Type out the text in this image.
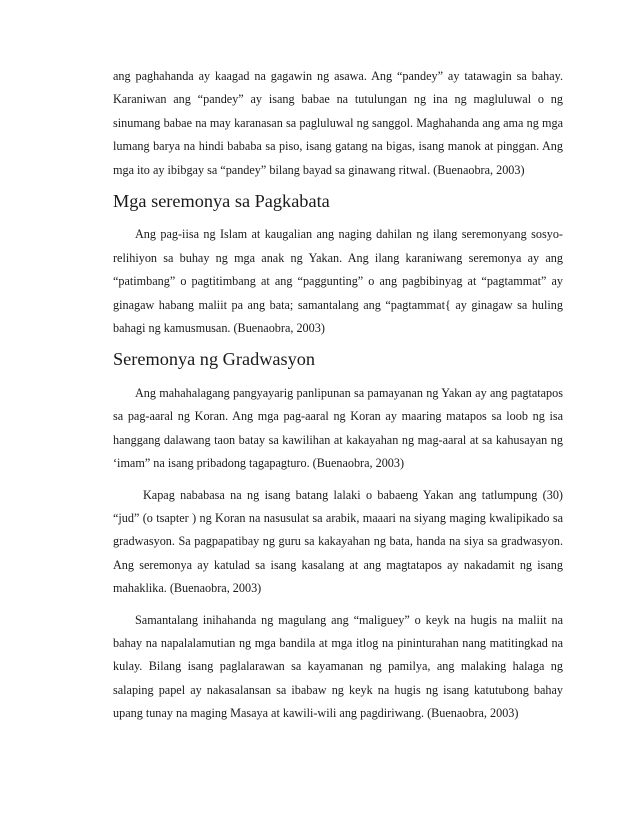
ang paghahanda ay kaagad na gagawin ng asawa. Ang “pandey” ay tatawagin sa bahay. Karaniwan ang “pandey” ay isang babae na tutulungan ng ina ng magluluwal o ng sinumang babae na may karanasan sa pagluluwal ng sanggol. Maghahanda ang ama ng mga lumang barya na hindi bababa sa piso, isang gatang na bigas, isang manok at pinggan. Ang mga ito ay ibibgay sa “pandey” bilang bayad sa ginawang ritwal. (Buenaobra, 2003)

Mga seremonya sa Pagkabata

Ang pag-iisa ng Islam at kaugalian ang naging dahilan ng ilang seremonyang sosyo-relihiyon sa buhay ng mga anak ng Yakan. Ang ilang karaniwang seremonya ay ang “patimbang” o pagtitimbang at ang “paggunting” o ang pagbibinyag at “pagtammat” ay ginagaw habang maliit pa ang bata; samantalang ang “pagtammat{ ay ginagaw sa huling bahagi ng kamusmusan. (Buenaobra, 2003)

Seremonya ng Gradwasyon

Ang mahahalagang pangyayarig panlipunan sa pamayanan ng Yakan ay ang pagtatapos sa pag-aaral ng Koran. Ang mga pag-aaral ng Koran ay maaring matapos sa loob ng isa hanggang dalawang taon batay sa kawilihan at kakayahan ng mag-aaral at sa kahusayan ng ‘imam” na isang pribadong tagapagturo. (Buenaobra, 2003)

Kapag nababasa na ng isang batang lalaki o babaeng Yakan ang tatlumpung (30) “jud” (o tsapter ) ng Koran na nasusulat sa arabik, maaari na siyang maging kwalipikado sa gradwasyon. Sa pagpapatibay ng guru sa kakayahan ng bata, handa na siya sa gradwasyon. Ang seremonya ay katulad sa isang kasalang at ang magtatapos ay nakadamit ng isang mahaklika. (Buenaobra, 2003)

Samantalang inihahanda ng magulang ang “maliguey” o keyk na hugis na maliit na bahay na napalalamutian ng mga bandila at mga itlog na pininturahan nang matitingkad na kulay. Bilang isang paglalarawan sa kayamanan ng pamilya, ang malaking halaga ng salaping papel ay nakasalansan sa ibabaw ng keyk na hugis ng isang katutubong bahay upang tunay na maging Masaya at kawili-wili ang pagdiriwang. (Buenaobra, 2003)
